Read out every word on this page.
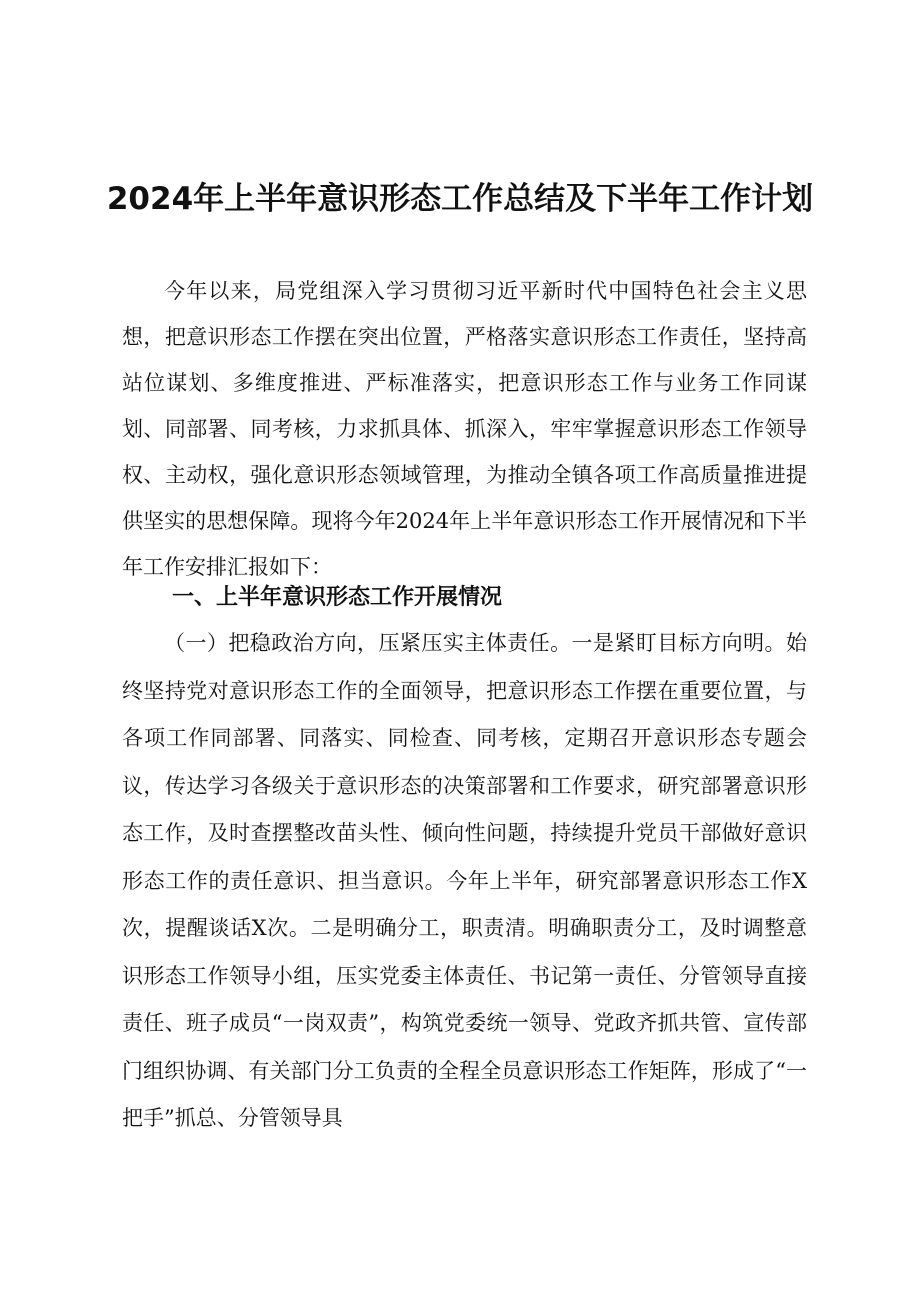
2024年上半年意识形态工作总结及下半年工作计划

今年以来，局党组深入学习贯彻习近平新时代中国特色社会主义思想，把意识形态工作摆在突出位置，严格落实意识形态工作责任，坚持高站位谋划、多维度推进、严标准落实，把意识形态工作与业务工作同谋划、同部署、同考核，力求抓具体、抓深入，牢牢掌握意识形态工作领导权、主动权，强化意识形态领域管理，为推动全镇各项工作高质量推进提供坚实的思想保障。现将今年2024年上半年意识形态工作开展情况和下半年工作安排汇报如下：

一、上半年意识形态工作开展情况

（一）把稳政治方向，压紧压实主体责任。一是紧盯目标方向明。始终坚持党对意识形态工作的全面领导，把意识形态工作摆在重要位置，与各项工作同部署、同落实、同检查、同考核，定期召开意识形态专题会议，传达学习各级关于意识形态的决策部署和工作要求，研究部署意识形态工作，及时查摆整改苗头性、倾向性问题，持续提升党员干部做好意识形态工作的责任意识、担当意识。今年上半年，研究部署意识形态工作X次，提醒谈话X次。二是明确分工，职责清。明确职责分工，及时调整意识形态工作领导小组，压实党委主体责任、书记第一责任、分管领导直接责任、班子成员“一岗双责”，构筑党委统一领导、党政齐抓共管、宣传部门组织协调、有关部门分工负责的全程全员意识形态工作矩阵，形成了“一把手”抓总、分管领导具
